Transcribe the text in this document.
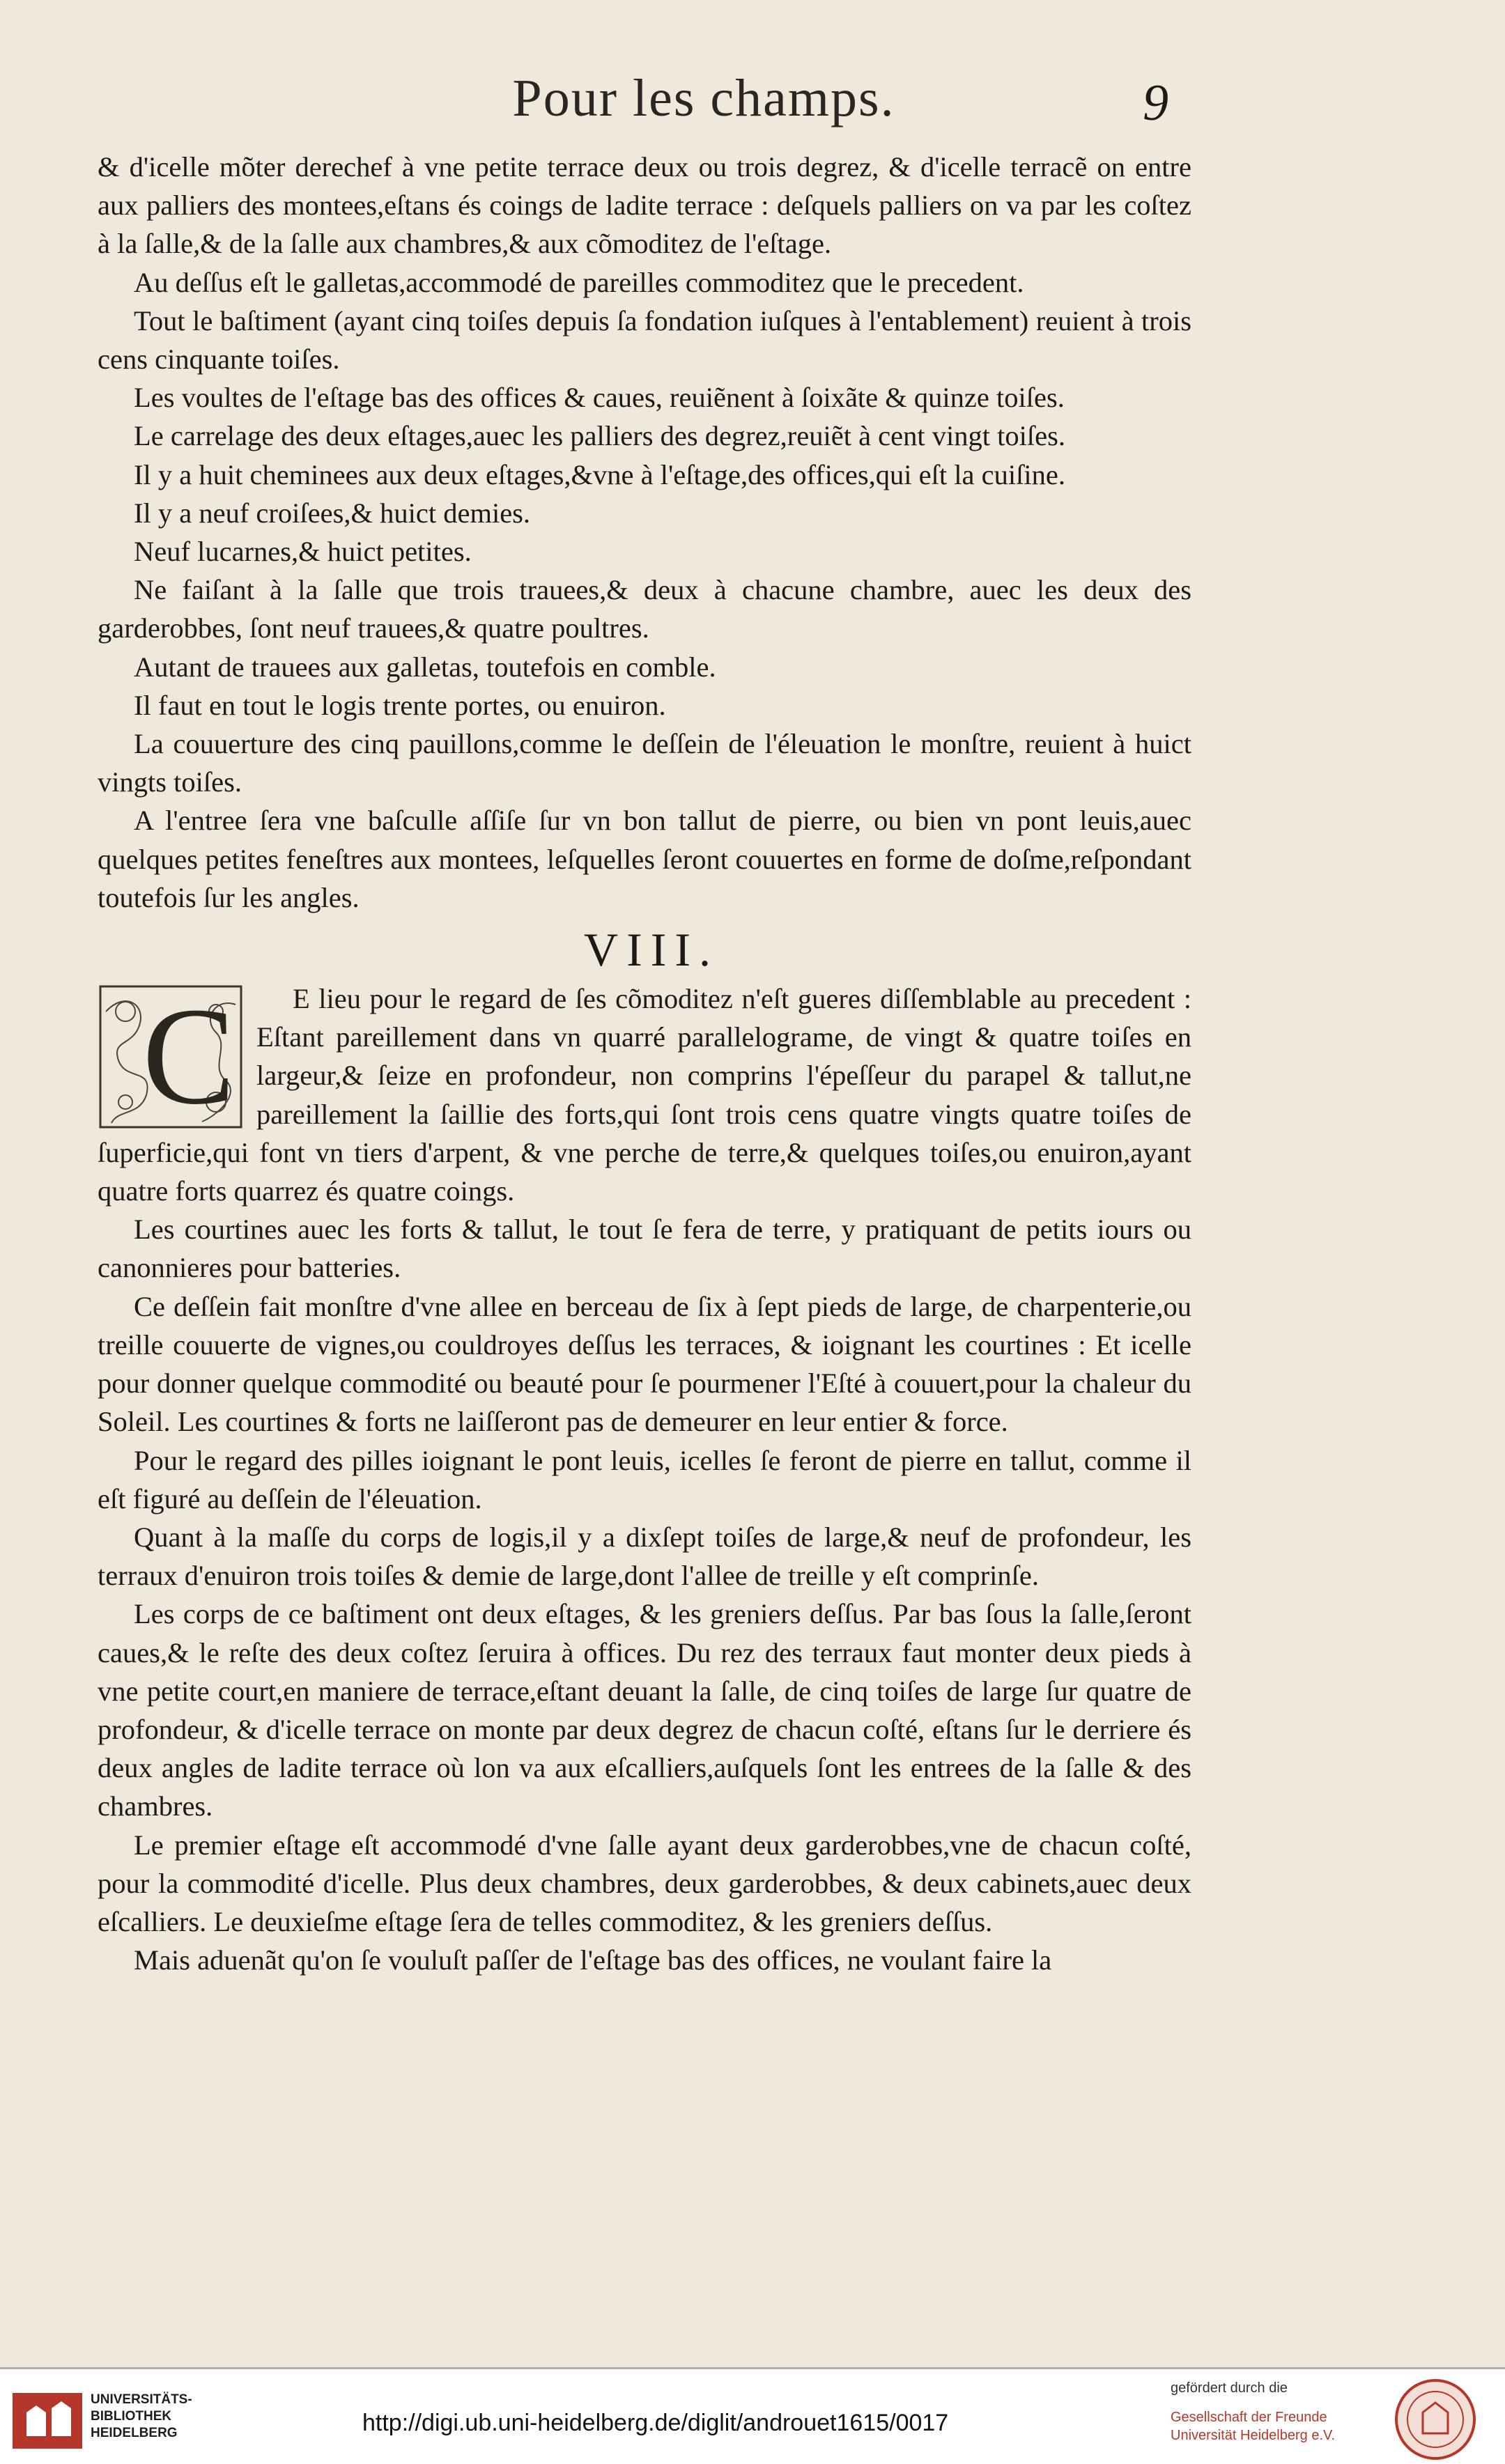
Pour les champs.	9

& d'icelle mõter derechef à vne petite terrace deux ou trois degrez, & d'icelle terracẽ on entre aux palliers des montees,eſtans és coings de ladite terrace : deſquels palliers on va par les coſtez à la ſalle,& de la ſalle aux chambres,& aux cõmoditez de l'eſtage.

Au deſſus eſt le galletas,accommodé de pareilles commoditez que le precedent.

Tout le baſtiment (ayant cinq toiſes depuis ſa fondation iuſques à l'entablement) reuient à trois cens cinquante toiſes.

Les voultes de l'eſtage bas des offices & caues, reuiẽnent à ſoixãte & quinze toiſes.

Le carrelage des deux eſtages,auec les palliers des degrez,reuiẽt à cent vingt toiſes.

Il y a huit cheminees aux deux eſtages,&vne à l'eſtage,des offices,qui eſt la cuiſine.

Il y a neuf croiſees,& huict demies.

Neuf lucarnes,& huict petites.

Ne faiſant à la ſalle que trois trauees,& deux à chacune chambre, auec les deux des garderobbes, ſont neuf trauees,& quatre poultres.

Autant de trauees aux galletas, toutefois en comble.

Il faut en tout le logis trente portes, ou enuiron.

La couuerture des cinq pauillons,comme le deſſein de l'éleuation le monſtre, reuient à huict vingts toiſes.

A l'entree ſera vne baſculle aſſiſe ſur vn bon tallut de pierre, ou bien vn pont leuis,auec quelques petites feneſtres aux montees, leſquelles ſeront couuertes en forme de doſme,reſpondant toutefois ſur les angles.

VIII.

C	E lieu pour le regard de ſes cõmoditez n'eſt gueres diſſemblable au precedent : Eſtant pareillement dans vn quarré parallelograme, de vingt & quatre toiſes en largeur,& ſeize en profondeur, non comprins l'épeſſeur du parapel & tallut,ne pareillement la ſaillie des forts,qui ſont trois cens quatre vingts quatre toiſes de ſuperficie,qui font vn tiers d'arpent, & vne perche de terre,& quelques toiſes,ou enuiron,ayant quatre forts quarrez és quatre coings.

Les courtines auec les forts & tallut, le tout ſe fera de terre, y pratiquant de petits iours ou canonnieres pour batteries.

Ce deſſein fait monſtre d'vne allee en berceau de ſix à ſept pieds de large, de charpenterie,ou treille couuerte de vignes,ou couldroyes deſſus les terraces, & ioignant les courtines : Et icelle pour donner quelque commodité ou beauté pour ſe pourmener l'Eſté à couuert,pour la chaleur du Soleil. Les courtines & forts ne laiſſeront pas de demeurer en leur entier & force.

Pour le regard des pilles ioignant le pont leuis, icelles ſe feront de pierre en tallut, comme il eſt figuré au deſſein de l'éleuation.

Quant à la maſſe du corps de logis,il y a dixſept toiſes de large,& neuf de profondeur, les terraux d'enuiron trois toiſes & demie de large,dont l'allee de treille y eſt comprinſe.

Les corps de ce baſtiment ont deux eſtages, & les greniers deſſus. Par bas ſous la ſalle,ſeront caues,& le reſte des deux coſtez ſeruira à offices. Du rez des terraux faut monter deux pieds à vne petite court,en maniere de terrace,eſtant deuant la ſalle, de cinq toiſes de large ſur quatre de profondeur, & d'icelle terrace on monte par deux degrez de chacun coſté, eſtans ſur le derriere és deux angles de ladite terrace où lon va aux eſcalliers,auſquels ſont les entrees de la ſalle & des chambres.

Le premier eſtage eſt accommodé d'vne ſalle ayant deux garderobbes,vne de chacun coſté, pour la commodité d'icelle. Plus deux chambres, deux garderobbes, & deux cabinets,auec deux eſcalliers. Le deuxieſme eſtage ſera de telles commoditez, & les greniers deſſus.

Mais aduenãt qu'on ſe vouluſt paſſer de l'eſtage bas des offices, ne voulant faire la

UNIVERSITÄTS-
BIBLIOTHEK
HEIDELBERG	http://digi.ub.uni-heidelberg.de/diglit/androuet1615/0017
gefördert durch die
Gesellschaft der Freunde
Universität Heidelberg e.V.
